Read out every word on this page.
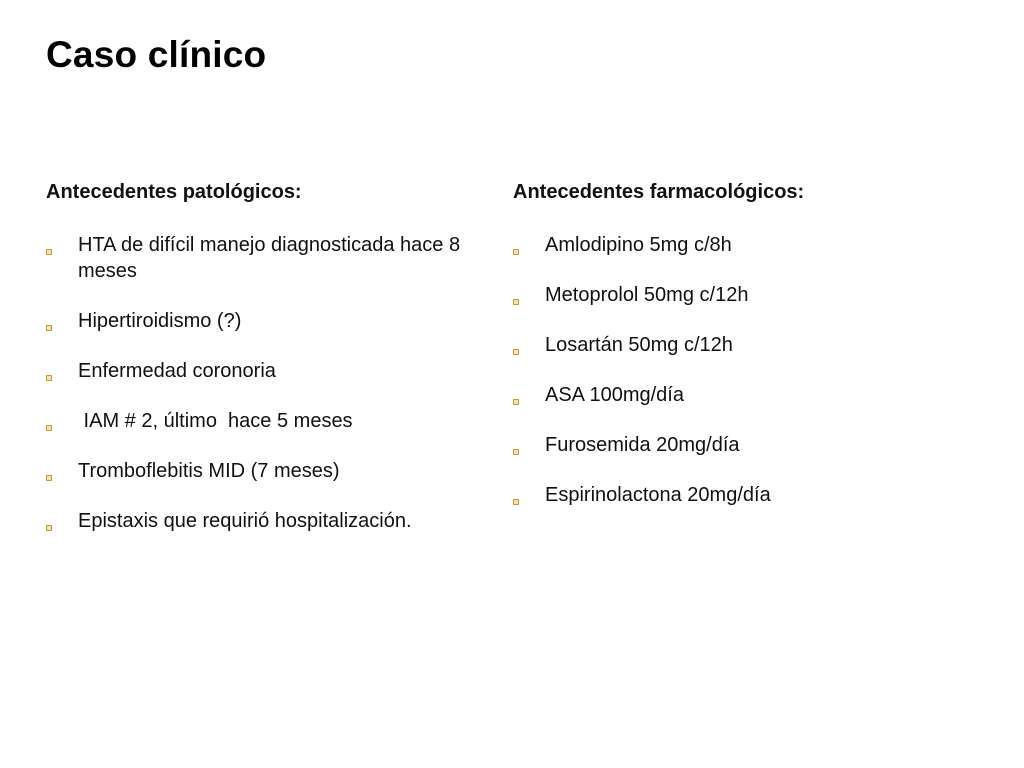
Caso clínico
Antecedentes patológicos:
HTA de difícil manejo diagnosticada hace 8 meses
Hipertiroidismo (?)
Enfermedad coronoria
IAM # 2, último  hace 5 meses
Tromboflebitis MID (7 meses)
Epistaxis que requirió hospitalización.
Antecedentes farmacológicos:
Amlodipino 5mg c/8h
Metoprolol 50mg c/12h
Losartán 50mg c/12h
ASA 100mg/día
Furosemida 20mg/día
Espirinolactona 20mg/día
